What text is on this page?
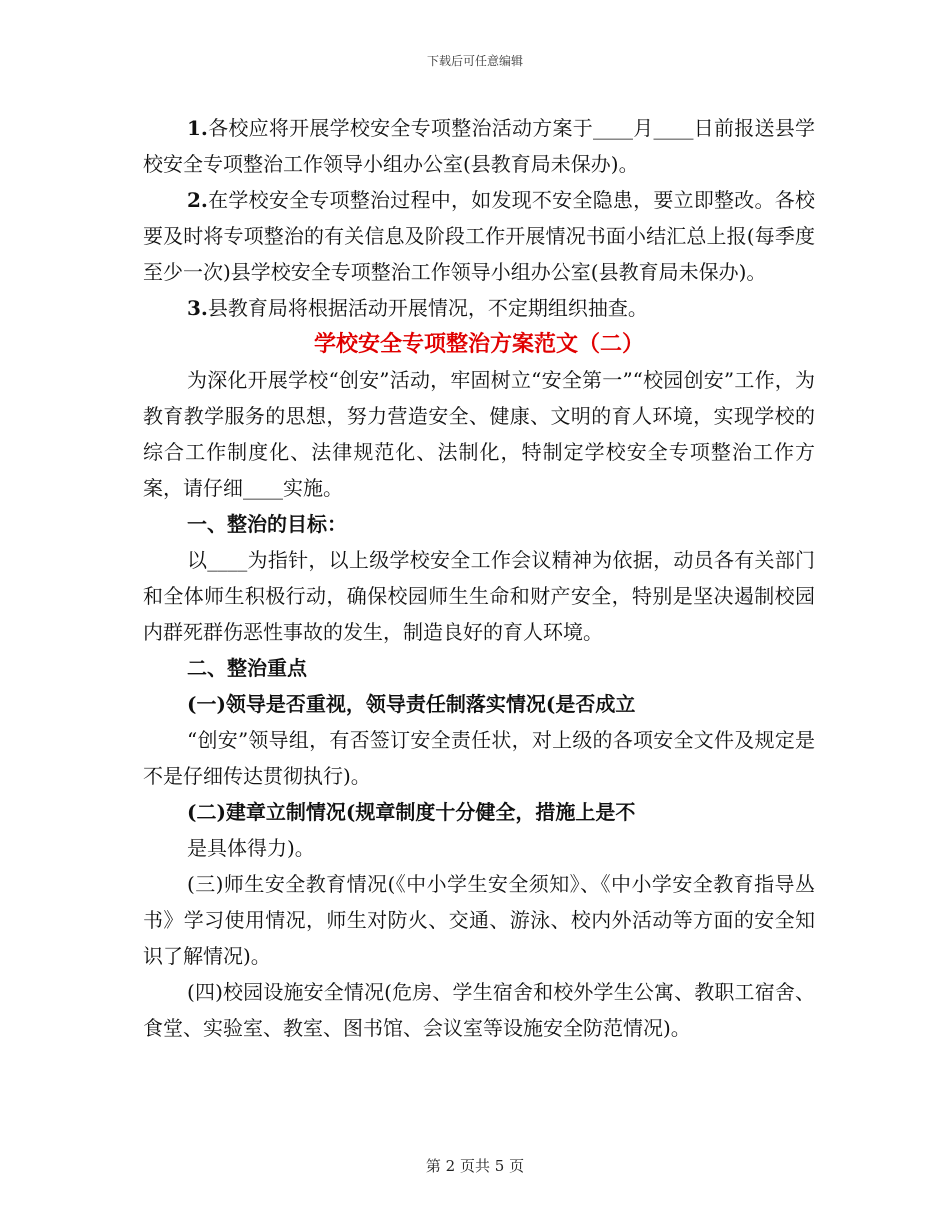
下载后可任意编辑

1.各校应将开展学校安全专项整治活动方案于____月____日前报送县学校安全专项整治工作领导小组办公室(县教育局未保办)。

2.在学校安全专项整治过程中，如发现不安全隐患，要立即整改。各校要及时将专项整治的有关信息及阶段工作开展情况书面小结汇总上报(每季度至少一次)县学校安全专项整治工作领导小组办公室(县教育局未保办)。

3.县教育局将根据活动开展情况，不定期组织抽查。

学校安全专项整治方案范文（二）

为深化开展学校“创安”活动，牢固树立“安全第一”“校园创安”工作，为教育教学服务的思想，努力营造安全、健康、文明的育人环境，实现学校的综合工作制度化、法律规范化、法制化，特制定学校安全专项整治工作方案，请仔细____实施。

一、整治的目标：

以____为指针，以上级学校安全工作会议精神为依据，动员各有关部门和全体师生积极行动，确保校园师生生命和财产安全，特别是坚决遏制校园内群死群伤恶性事故的发生，制造良好的育人环境。

二、整治重点

(一)领导是否重视，领导责任制落实情况(是否成立

“创安”领导组，有否签订安全责任状，对上级的各项安全文件及规定是不是仔细传达贯彻执行)。

(二)建章立制情况(规章制度十分健全，措施上是不

是具体得力)。

(三)师生安全教育情况(《中小学生安全须知》、《中小学安全教育指导丛书》学习使用情况，师生对防火、交通、游泳、校内外活动等方面的安全知识了解情况)。

(四)校园设施安全情况(危房、学生宿舍和校外学生公寓、教职工宿舍、食堂、实验室、教室、图书馆、会议室等设施安全防范情况)。

第 2 页共 5 页
